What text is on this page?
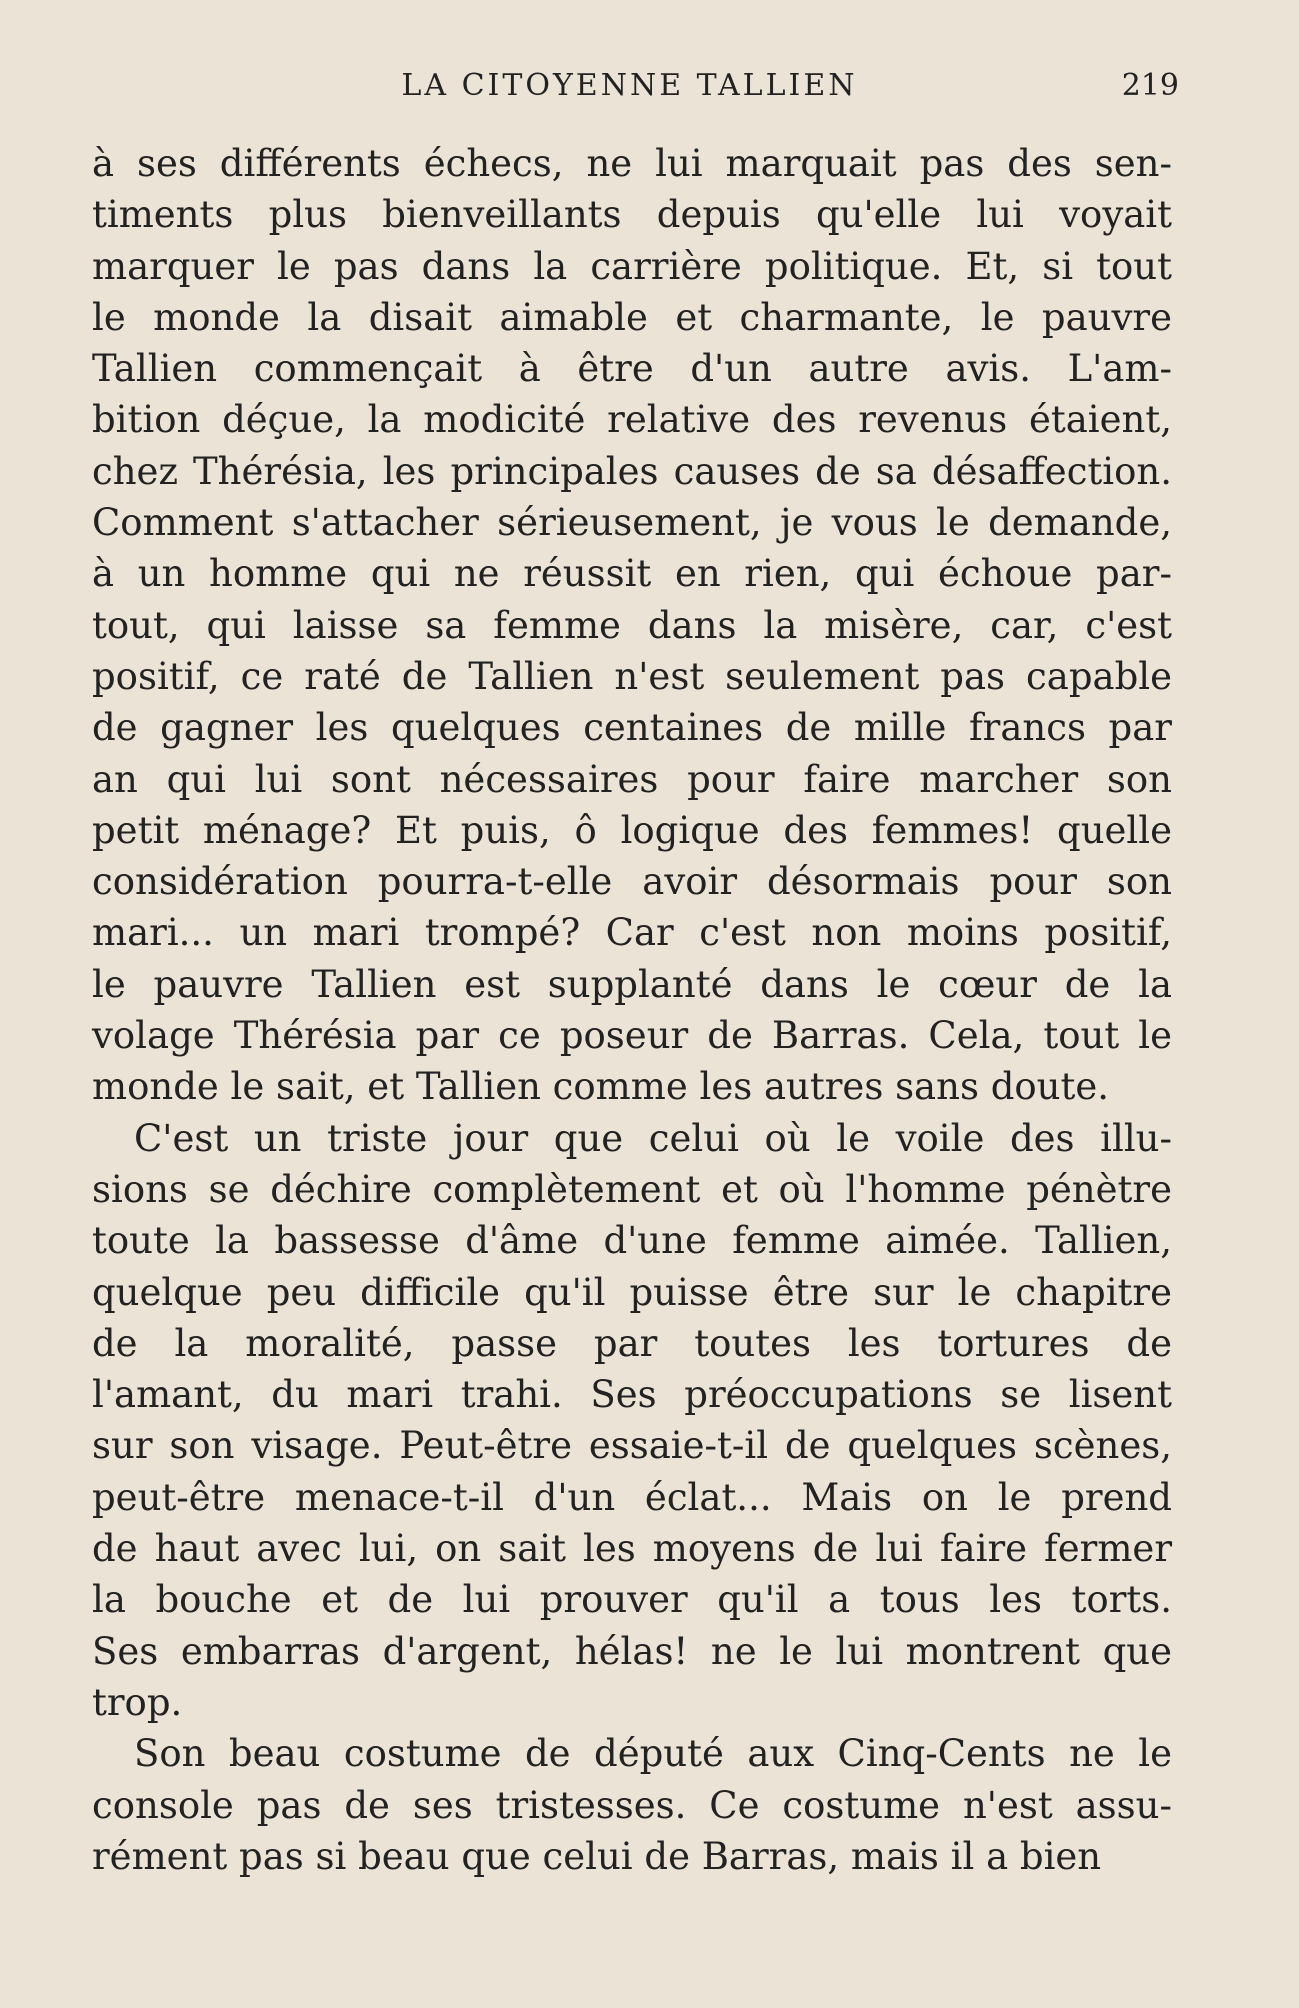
LA CITOYENNE TALLIEN	219
à ses différents échecs, ne lui marquait pas des sen-
timents plus bienveillants depuis qu'elle lui voyait
marquer le pas dans la carrière politique. Et, si tout
le monde la disait aimable et charmante, le pauvre
Tallien commençait à être d'un autre avis. L'am-
bition déçue, la modicité relative des revenus étaient,
chez Thérésia, les principales causes de sa désaffection.
Comment s'attacher sérieusement, je vous le demande,
à un homme qui ne réussit en rien, qui échoue par-
tout, qui laisse sa femme dans la misère, car, c'est
positif, ce raté de Tallien n'est seulement pas capable
de gagner les quelques centaines de mille francs par
an qui lui sont nécessaires pour faire marcher son
petit ménage? Et puis, ô logique des femmes! quelle
considération pourra-t-elle avoir désormais pour son
mari... un mari trompé? Car c'est non moins positif,
le pauvre Tallien est supplanté dans le cœur de la
volage Thérésia par ce poseur de Barras. Cela, tout le
monde le sait, et Tallien comme les autres sans doute.
C'est un triste jour que celui où le voile des illu-
sions se déchire complètement et où l'homme pénètre
toute la bassesse d'âme d'une femme aimée. Tallien,
quelque peu difficile qu'il puisse être sur le chapitre
de la moralité, passe par toutes les tortures de
l'amant, du mari trahi. Ses préoccupations se lisent
sur son visage. Peut-être essaie-t-il de quelques scènes,
peut-être menace-t-il d'un éclat... Mais on le prend
de haut avec lui, on sait les moyens de lui faire fermer
la bouche et de lui prouver qu'il a tous les torts.
Ses embarras d'argent, hélas! ne le lui montrent que
trop.
Son beau costume de député aux Cinq-Cents ne le
console pas de ses tristesses. Ce costume n'est assu-
rément pas si beau que celui de Barras, mais il a bien
